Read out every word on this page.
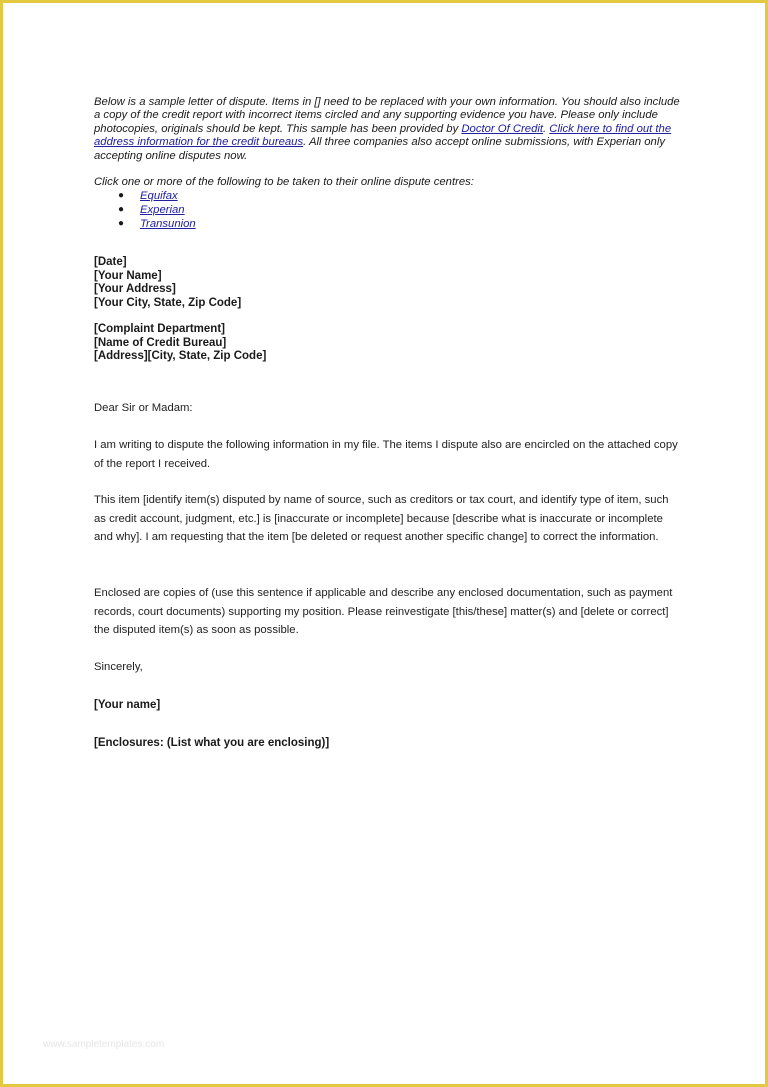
Below is a sample letter of dispute. Items in [] need to be replaced with your own information. You should also include a copy of the credit report with incorrect items circled and any supporting evidence you have. Please only include photocopies, originals should be kept. This sample has been provided by Doctor Of Credit. Click here to find out the address information for the credit bureaus. All three companies also accept online submissions, with Experian only accepting online disputes now.

Click one or more of the following to be taken to their online dispute centres:

● Equifax
● Experian
● Transunion
[Date]
[Your Name]
[Your Address]
[Your City, State, Zip Code]
[Complaint Department]
[Name of Credit Bureau]
[Address][City, State, Zip Code]
Dear Sir or Madam:
I am writing to dispute the following information in my file. The items I dispute also are encircled on the attached copy of the report I received.
This item [identify item(s) disputed by name of source, such as creditors or tax court, and identify type of item, such as credit account, judgment, etc.] is [inaccurate or incomplete] because [describe what is inaccurate or incomplete and why]. I am requesting that the item [be deleted or request another specific change] to correct the information.
Enclosed are copies of (use this sentence if applicable and describe any enclosed documentation, such as payment records, court documents) supporting my position. Please reinvestigate [this/these] matter(s) and [delete or correct] the disputed item(s) as soon as possible.
Sincerely,
[Your name]
[Enclosures: (List what you are enclosing)]
www.sampletemplates.com
